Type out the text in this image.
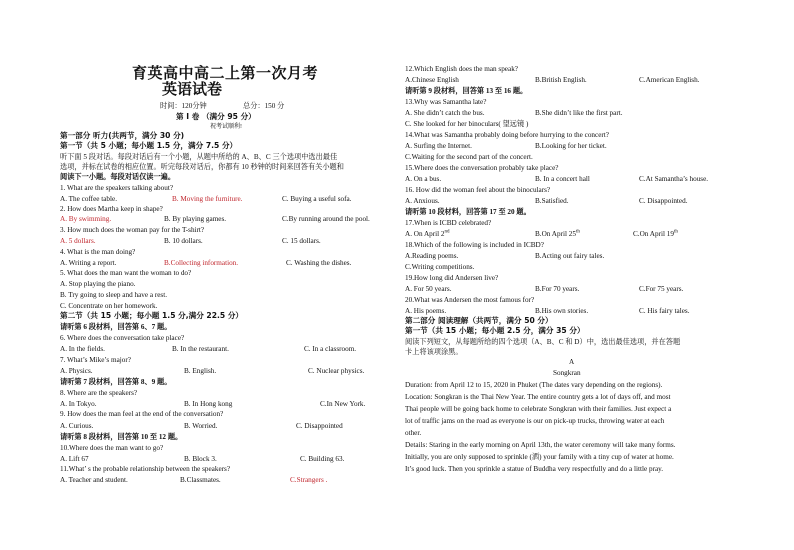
育英高中高二上第一次月考
英语试卷
时间：120分钟	总分：150 分
第 I 卷 （满分 95 分）
祝考试顺利!
第一部分 听力(共两节，满分 30 分)
第一节（共 5 小题；每小题 1.5 分，满分 7.5 分）
听下面 5 段对话。每段对话后有一个小题，从题中所给的 A、B、C 三个选项中选出最佳
选项，并标在试卷的相应位置。听完每段对话后，你都有 10 秒钟的时间来回答有关小题和
阅读下一小题。每段对话仅读一遍。
1. What are the speakers talking about?
A. The coffee table.	B. Moving the furniture.	C. Buying a useful sofa.
2. How does Martha keep in shape?
A. By swimming.	B. By playing games.	C.By running around the pool.
3. How much does the woman pay for the T-shirt?
A. 5 dollars.	B. 10 dollars.	C. 15 dollars.
4. What is the man doing?
A. Writing a report.	B.Collecting information.	C. Washing the dishes.
5. What does the man want the woman to do?
A. Stop playing the piano.
B. Try going to sleep and have a rest.
C. Concentrate on her homework.
第二节（共 15 小题；每小题 1.5 分,满分 22.5 分）
请听第 6 段材料，回答第 6、7 题。
6. Where does the conversation take place?
A. In the fields.	B. In the restaurant.	C. In a classroom.
7. What’s Mike’s major?
A. Physics.	B. English.	C. Nuclear physics.
请听第 7 段材料，回答第 8、9 题。
8. Where are the speakers?
A. In Tokyo.	B. In Hong kong	C.In New York.
9. How does the man feel at the end of the conversation?
A. Curious.	B. Worried.	C. Disappointed
请听第 8 段材料，回答第 10 至 12 题。
10.Where does the man want to go?
A. Lift 67	B. Block 3.	C. Building 63.
11.What’ s the probable relationship between the speakers?
A. Teacher and student.	B.Classmates.	C.Strangers .
12.Which English does the man speak?
A.Chinese English	B.British English.	C.American English.
请听第 9 段材料，回答第 13 至 16 题。
13.Why was Samantha late?
A. She didn’t catch the bus.	B.She didn’t like the first part.
C. She looked for her binoculars( 望远镜 )
14.What was Samantha probably doing before hurrying to the concert?
A. Surfing the Internet.	B.Looking for her ticket.
C.Waiting for the second part of the concert.
15.Where does the conversation probably take place?
A. On a bus.	B. In a concert hall	C.At Samantha’s house.
16. How did the woman feel about the binoculars?
A. Anxious.	B.Satisfied.	C. Disappointed.
请听第 10 段材料，回答第 17 至 20 题。
17.When is ICBD celebrated?
A. On April 2nd	B.On April 25th	C.On April 19th
18.Which of the following is included in ICBD?
A.Reading poems.	B.Acting out fairy tales.
C.Writing competitions.
19.How long did Andersen live?
A. For 50 years.	B.For 70 years.	C.For 75 years.
20.What was Andersen the most famous for?
A. His poems.	B.His own stories.	C. His fairy tales.
第二部分 阅读理解（共两节，满分 50 分）
第一节（共 15 小题；每小题 2.5 分，满分 35 分）
阅读下列短文，从每题所给的四个选项（A、B、C 和 D）中，选出最佳选项，并在答题
卡上将该项涂黑。
A
Songkran
Duration: from April 12 to 15, 2020 in Phuket (The dates vary depending on the regions).
Location: Songkran is the Thai New Year. The entire country gets a lot of days off, and most
Thai people will be going back home to celebrate Songkran with their families. Just expect a
lot of traffic jams on the road as everyone is our on pick-up trucks, throwing water at each
other.
Details: Staring in the early morning on April 13th, the water ceremony will take many forms.
Initially, you are only supposed to sprinkle (洒) your family with a tiny cup of water at home.
It’s good luck. Then you sprinkle a statue of Buddha very respectfully and do a little pray.
